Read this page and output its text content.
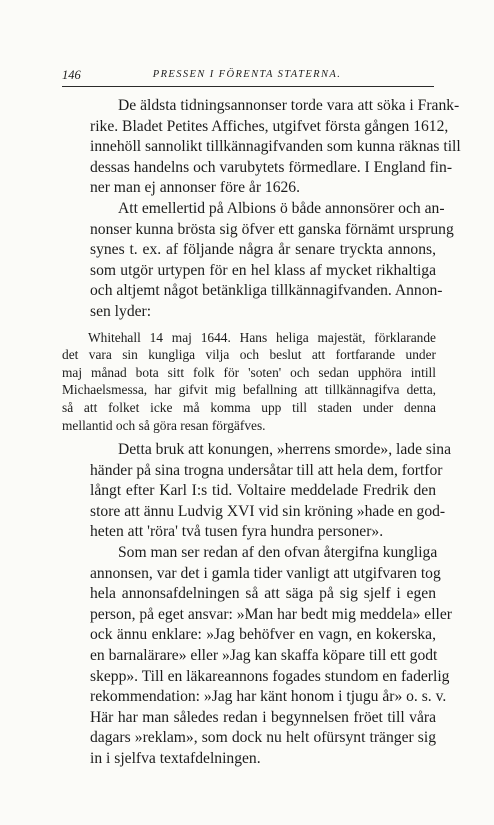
146	PRESSEN I FÖRENTA STATERNA.

De äldsta tidningsannonser torde vara att söka i Frank-
rike. Bladet Petites Affiches, utgifvet första gången 1612,
innehöll sannolikt tillkännagifvanden som kunna räknas till
dessas handelns och varubytets förmedlare. I England fin-
ner man ej annonser före år 1626.

Att emellertid på Albions ö både annonsörer och an-
nonser kunna brösta sig öfver ett ganska förnämt ursprung
synes t. ex. af följande några år senare tryckta annons,
som utgör urtypen för en hel klass af mycket rikhaltiga
och altjemt något betänkliga tillkännagifvanden. Annon-
sen lyder:

Whitehall 14 maj 1644. Hans heliga majestät, förklarande
det vara sin kungliga vilja och beslut att fortfarande under
maj månad bota sitt folk för 'soten' och sedan upphöra intill
Michaelsmessa, har gifvit mig befallning att tillkännagifva detta,
så att folket icke må komma upp till staden under denna
mellantid och så göra resan förgäfves.

Detta bruk att konungen, »herrens smorde», lade sina
händer på sina trogna undersåtar till att hela dem, fortfor
långt efter Karl I:s tid. Voltaire meddelade Fredrik den
store att ännu Ludvig XVI vid sin kröning »hade en god-
heten att 'röra' två tusen fyra hundra personer».

Som man ser redan af den ofvan återgifna kungliga
annonsen, var det i gamla tider vanligt att utgifvaren tog
hela annonsafdelningen så att säga på sig sjelf i egen
person, på eget ansvar: »Man har bedt mig meddela» eller
ock ännu enklare: »Jag behöfver en vagn, en kokerska,
en barnalärare» eller »Jag kan skaffa köpare till ett godt
skepp». Till en läkareannons fogades stundom en faderlig
rekommendation: »Jag har känt honom i tjugu år» o. s. v.
Här har man således redan i begynnelsen fröet till våra
dagars »reklam», som dock nu helt ofürsynt tränger sig
in i sjelfva textafdelningen.
